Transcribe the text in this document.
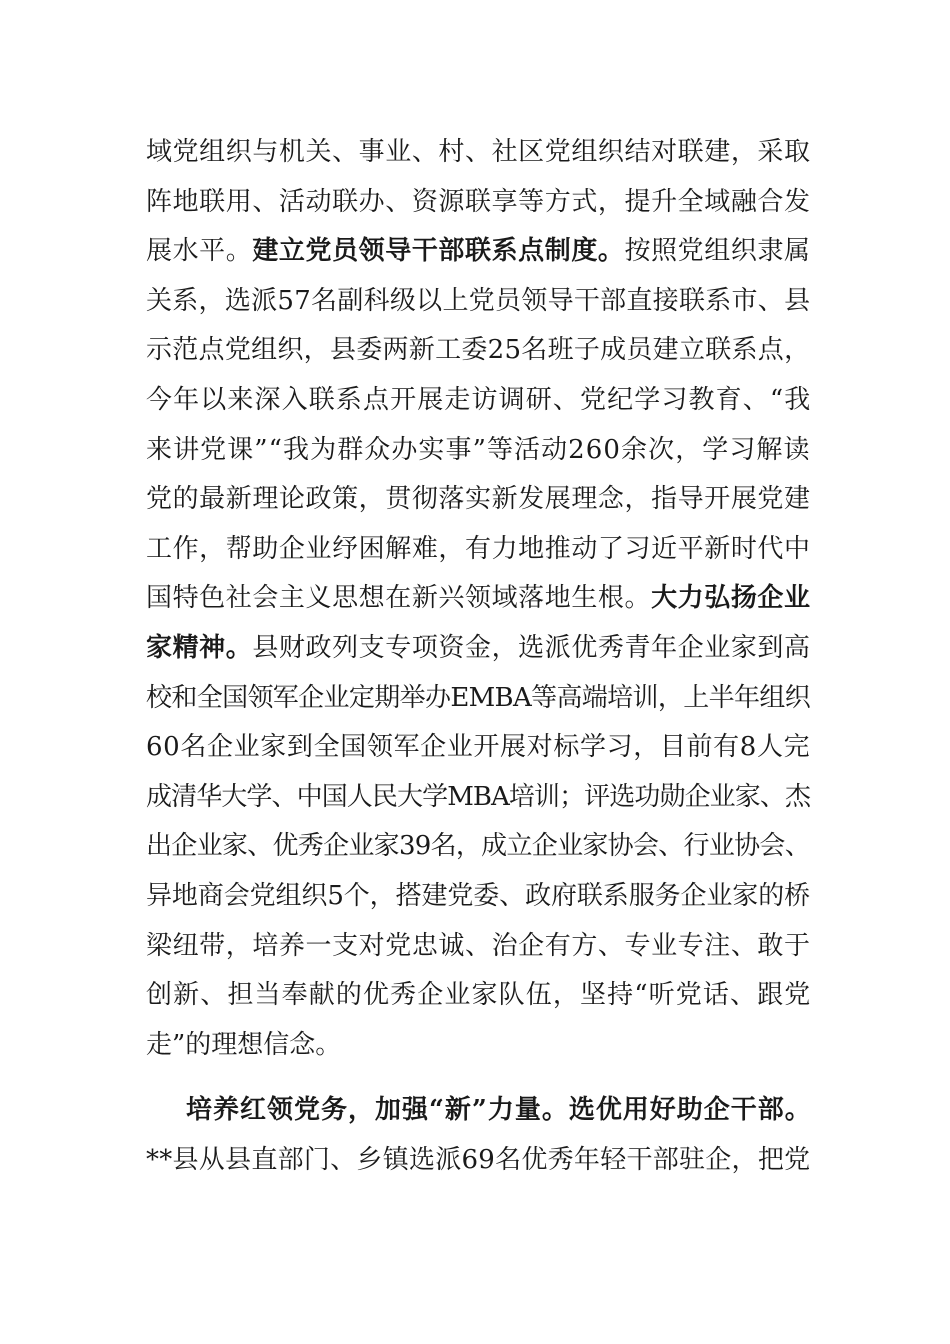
域党组织与机关、事业、村、社区党组织结对联建，采取
阵地联用、活动联办、资源联享等方式，提升全域融合发
展水平。建立党员领导干部联系点制度。按照党组织隶属
关系，选派57名副科级以上党员领导干部直接联系市、县
示范点党组织，县委两新工委25名班子成员建立联系点，
今年以来深入联系点开展走访调研、党纪学习教育、“我
来讲党课”“我为群众办实事”等活动260余次，学习解读
党的最新理论政策，贯彻落实新发展理念，指导开展党建
工作，帮助企业纾困解难，有力地推动了习近平新时代中
国特色社会主义思想在新兴领域落地生根。大力弘扬企业
家精神。县财政列支专项资金，选派优秀青年企业家到高
校和全国领军企业定期举办EMBA等高端培训，上半年组织
60名企业家到全国领军企业开展对标学习，目前有8人完
成清华大学、中国人民大学MBA培训；评选功勋企业家、杰
出企业家、优秀企业家39名，成立企业家协会、行业协会、
异地商会党组织5个，搭建党委、政府联系服务企业家的桥
梁纽带，培养一支对党忠诚、治企有方、专业专注、敢于
创新、担当奉献的优秀企业家队伍，坚持“听党话、跟党
走”的理想信念。
培养红领党务，加强“新”力量。选优用好助企干部。
**县从县直部门、乡镇选派69名优秀年轻干部驻企，把党
